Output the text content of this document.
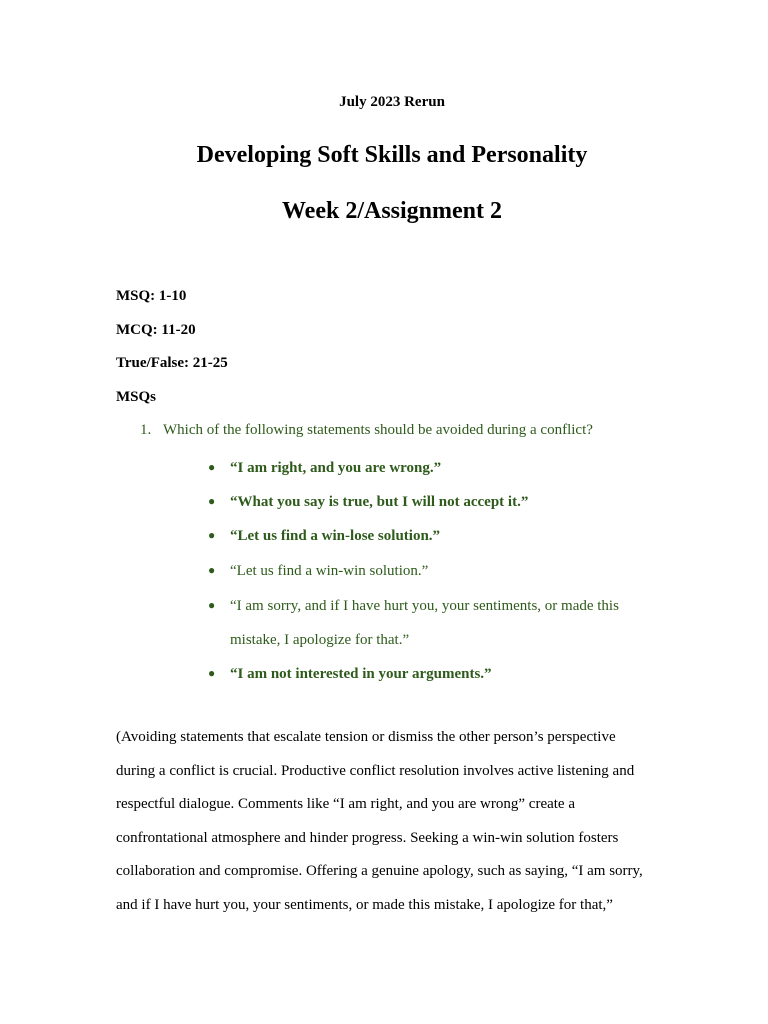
July 2023 Rerun
Developing Soft Skills and Personality
Week 2/Assignment 2
MSQ: 1-10
MCQ: 11-20
True/False: 21-25
MSQs
1. Which of the following statements should be avoided during a conflict?
● “I am right, and you are wrong.”
● “What you say is true, but I will not accept it.”
● “Let us find a win-lose solution.”
● “Let us find a win-win solution.”
● “I am sorry, and if I have hurt you, your sentiments, or made this
mistake, I apologize for that.”
● “I am not interested in your arguments.”

(Avoiding statements that escalate tension or dismiss the other person’s perspective

during a conflict is crucial. Productive conflict resolution involves active listening and

respectful dialogue. Comments like “I am right, and you are wrong” create a

confrontational atmosphere and hinder progress. Seeking a win-win solution fosters

collaboration and compromise. Offering a genuine apology, such as saying, “I am sorry,

and if I have hurt you, your sentiments, or made this mistake, I apologize for that,”
